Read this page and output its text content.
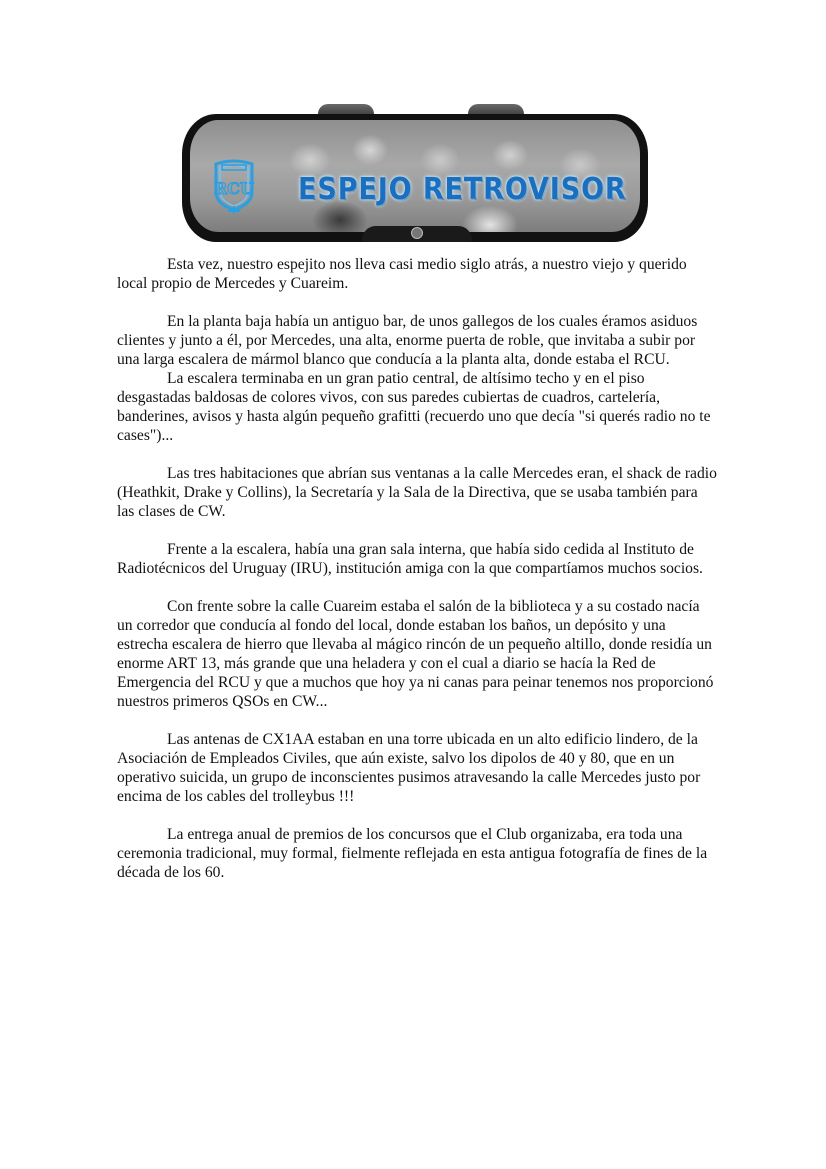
RCU ESPEJO RETROVISOR

Esta vez, nuestro espejito nos lleva casi medio siglo atrás, a nuestro viejo y querido local propio de Mercedes y Cuareim.

En la planta baja había un antiguo bar, de unos gallegos de los cuales éramos asiduos clientes y junto a él, por Mercedes, una alta, enorme puerta de roble, que invitaba a subir por una larga escalera de mármol blanco que conducía a la planta alta, donde estaba el RCU.

La escalera terminaba en un gran patio central, de altísimo techo y en el piso desgastadas baldosas de colores vivos, con sus paredes cubiertas de cuadros, cartelería, banderines, avisos y hasta algún pequeño grafitti (recuerdo uno que decía "si querés radio no te cases")...

Las tres habitaciones que abrían sus ventanas a la calle Mercedes eran, el shack de radio (Heathkit, Drake y Collins), la Secretaría y la Sala de la Directiva, que se usaba también para las clases de CW.

Frente a la escalera, había una gran sala interna, que había sido cedida al Instituto de Radiotécnicos del Uruguay (IRU), institución amiga con la que compartíamos muchos socios.

Con frente sobre la calle Cuareim estaba el salón de la biblioteca y a su costado nacía un corredor que conducía al fondo del local, donde estaban los baños, un depósito y una estrecha escalera de hierro que llevaba al mágico rincón de un pequeño altillo, donde residía un enorme ART 13, más grande que una heladera y con el cual a diario se hacía la Red de Emergencia del RCU y que a muchos que hoy ya ni canas para peinar tenemos nos proporcionó nuestros primeros QSOs en CW...

Las antenas de CX1AA estaban en una torre ubicada en un alto edificio lindero, de la Asociación de Empleados Civiles, que aún existe, salvo los dipolos de 40 y 80, que en un operativo suicida, un grupo de inconscientes pusimos atravesando la calle Mercedes justo por encima de los cables del trolleybus !!!

La entrega anual de premios de los concursos que el Club organizaba, era toda una ceremonia tradicional, muy formal, fielmente reflejada en esta antigua fotografía de fines de la década de los 60.
